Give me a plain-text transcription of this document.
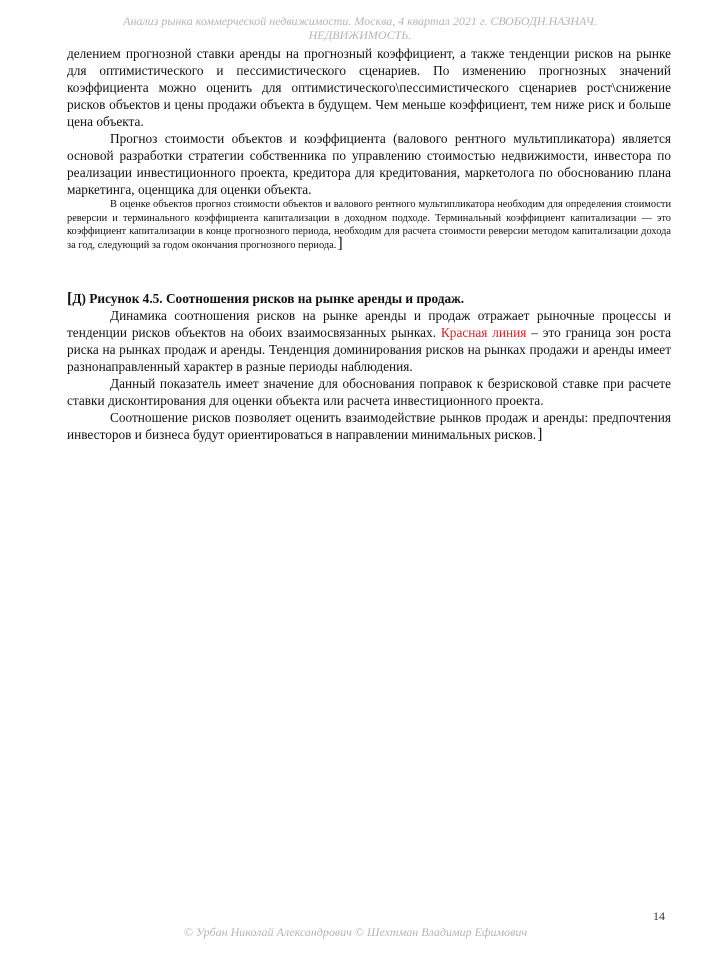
Анализ рынка коммерческой недвижимости. Москва, 4 квартал 2021 г. СВОБОДН.НАЗНАЧ.
НЕДВИЖИМОСТЬ.

делением прогнозной ставки аренды на прогнозный коэффициент, а также тенденции рисков на рынке для оптимистического и пессимистического сценариев. По изменению прогнозных значений коэффициента можно оценить для оптимистического\пессимистического сценариев рост\снижение рисков объектов и цены продажи объекта в будущем. Чем меньше коэффициент, тем ниже риск и больше цена объекта.

Прогноз стоимости объектов и коэффициента (валового рентного мультипликатора) является основой разработки стратегии собственника по управлению стоимостью недвижимости, инвестора по реализации инвестиционного проекта, кредитора для кредитования, маркетолога по обоснованию плана маркетинга, оценщика для оценки объекта.

В оценке объектов прогноз стоимости объектов и валового рентного мультипликатора необходим для определения стоимости реверсии и терминального коэффициента капитализации в доходном подходе. Терминальный коэффициент капитализации — это коэффициент капитализации в конце прогнозного периода, необходим для расчета стоимости реверсии методом капитализации дохода за год, следующий за годом окончания прогнозного периода.]

[Д) Рисунок 4.5. Соотношения рисков на рынке аренды и продаж.

Динамика соотношения рисков на рынке аренды и продаж отражает рыночные процессы и тенденции рисков объектов на обоих взаимосвязанных рынках. Красная линия – это граница зон роста риска на рынках продаж и аренды. Тенденция доминирования рисков на рынках продажи и аренды имеет разнонаправленный характер в разные периоды наблюдения.

Данный показатель имеет значение для обоснования поправок к безрисковой ставке при расчете ставки дисконтирования для оценки объекта или расчета инвестиционного проекта.

Соотношение рисков позволяет оценить взаимодействие рынков продаж и аренды: предпочтения инвесторов и бизнеса будут ориентироваться в направлении минимальных рисков.]

14
© Урбан Николай Александрович © Шехтман Владимир Ефимович
